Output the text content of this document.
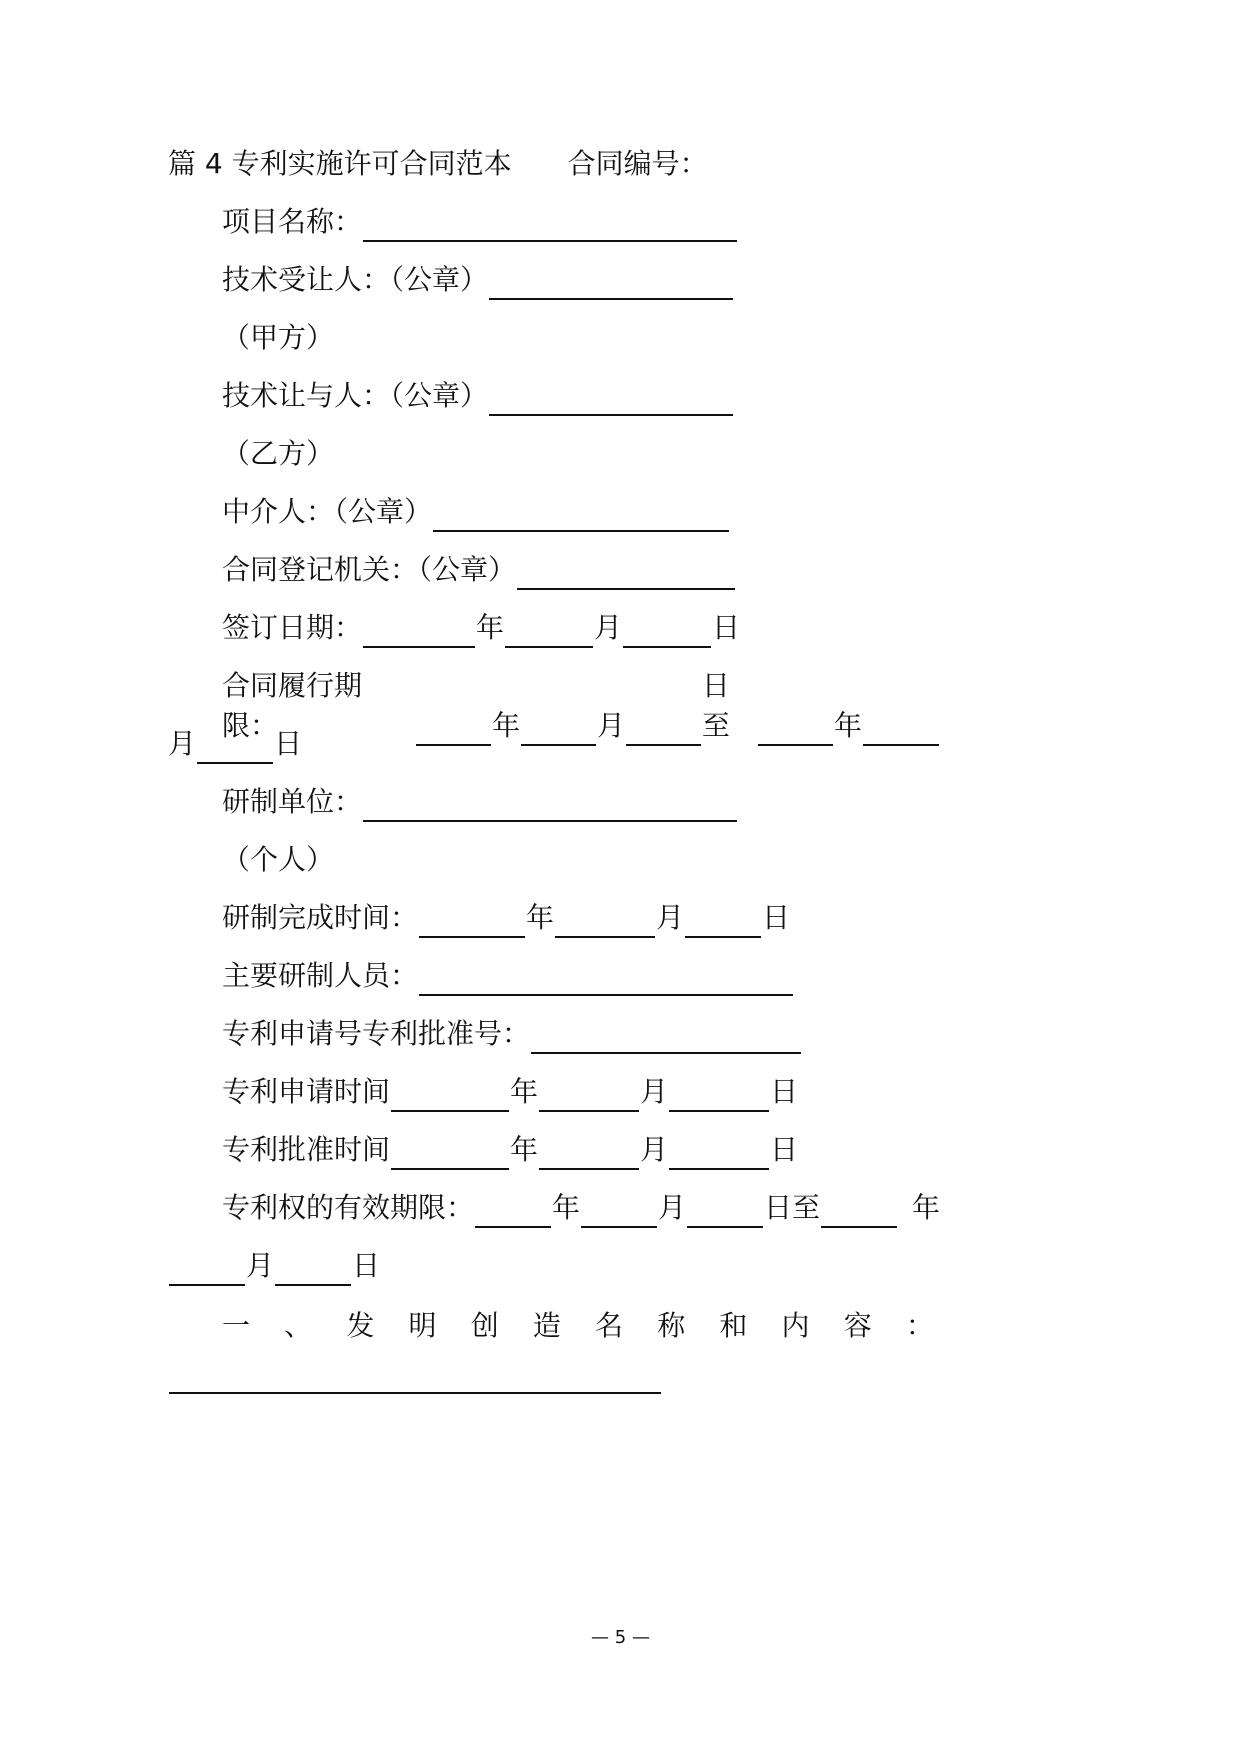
篇 4 专利实施许可合同范本 合同编号：
项目名称：
技术受让人：（公章）
（甲方）
技术让与人：（公章）
（乙方）
中介人：（公章）
合同登记机关：（公章）
签订日期：	年	月	日
合同履行期限：	年	月
日至	年
月	日
研制单位：
（个人）
研制完成时间：	年	月	日
主要研制人员：
专利申请号专利批准号：
专利申请时间	年	月	日
专利批准时间	年	月	日
专利权的有效期限：	年	月	日至	年
月	日
一 、 发 明 创 造 名 称 和 内 容 ：
— 5 —
